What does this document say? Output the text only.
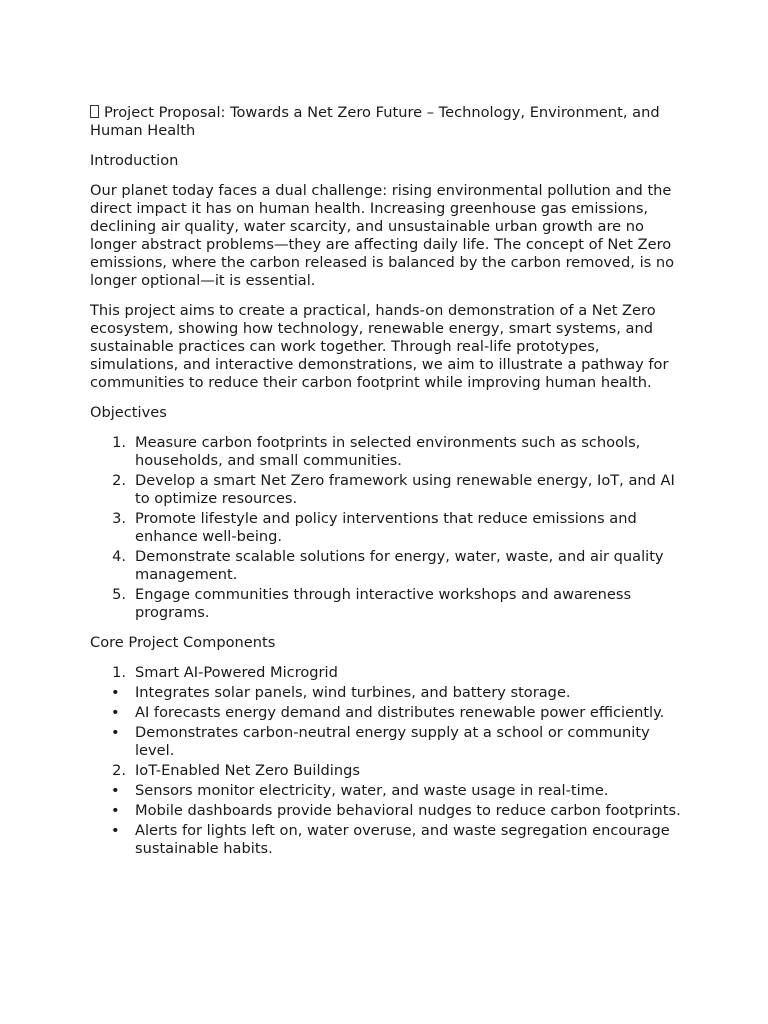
Project Proposal: Towards a Net Zero Future – Technology, Environment, and Human Health

Introduction

Our planet today faces a dual challenge: rising environmental pollution and the direct impact it has on human health. Increasing greenhouse gas emissions, declining air quality, water scarcity, and unsustainable urban growth are no longer abstract problems—they are affecting daily life. The concept of Net Zero emissions, where the carbon released is balanced by the carbon removed, is no longer optional—it is essential.

This project aims to create a practical, hands-on demonstration of a Net Zero ecosystem, showing how technology, renewable energy, smart systems, and sustainable practices can work together. Through real-life prototypes, simulations, and interactive demonstrations, we aim to illustrate a pathway for communities to reduce their carbon footprint while improving human health.

Objectives

1. Measure carbon footprints in selected environments such as schools, households, and small communities.
2. Develop a smart Net Zero framework using renewable energy, IoT, and AI to optimize resources.
3. Promote lifestyle and policy interventions that reduce emissions and enhance well-being.
4. Demonstrate scalable solutions for energy, water, waste, and air quality management.
5. Engage communities through interactive workshops and awareness programs.

Core Project Components

1. Smart AI-Powered Microgrid
• Integrates solar panels, wind turbines, and battery storage.
• AI forecasts energy demand and distributes renewable power efficiently.
• Demonstrates carbon-neutral energy supply at a school or community level.
2. IoT-Enabled Net Zero Buildings
• Sensors monitor electricity, water, and waste usage in real-time.
• Mobile dashboards provide behavioral nudges to reduce carbon footprints.
• Alerts for lights left on, water overuse, and waste segregation encourage sustainable habits.
